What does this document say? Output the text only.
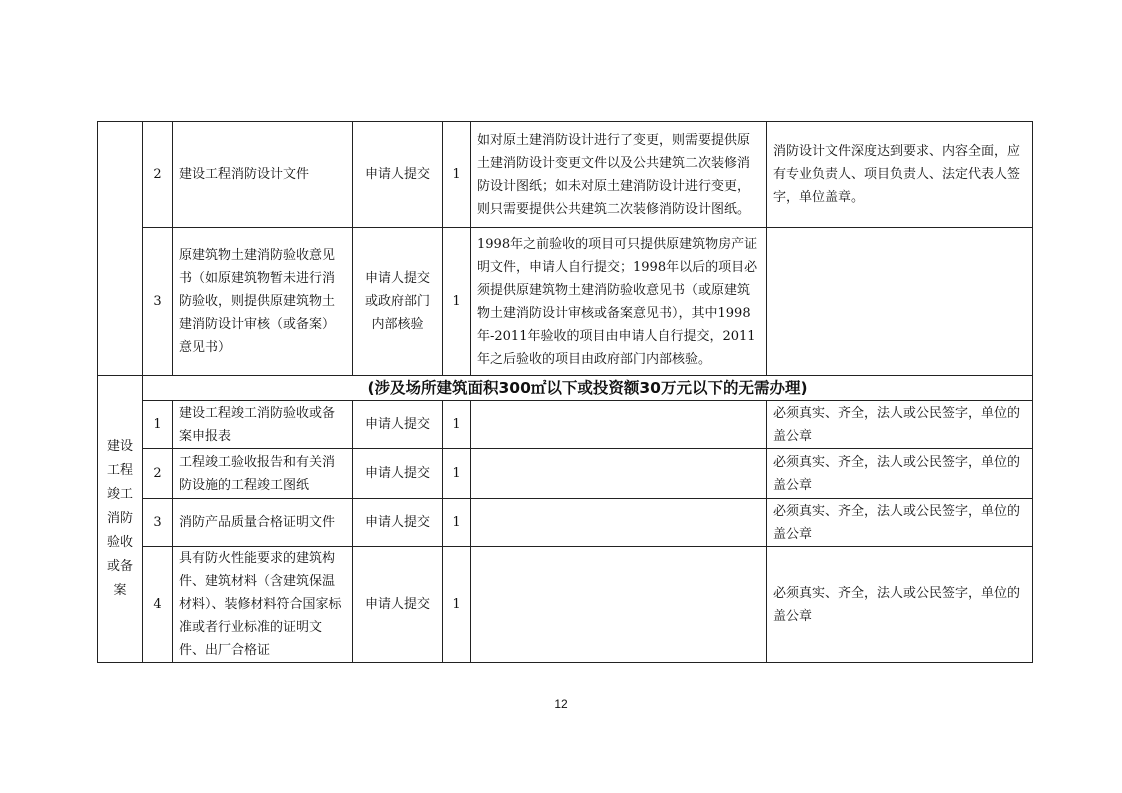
	2	建设工程消防设计文件	申请人提交	1	如对原土建消防设计进行了变更，则需要提供原土建消防设计变更文件以及公共建筑二次装修消防设计图纸；如未对原土建消防设计进行变更，则只需要提供公共建筑二次装修消防设计图纸。	消防设计文件深度达到要求、内容全面，应有专业负责人、项目负责人、法定代表人签字，单位盖章。
	3	原建筑物土建消防验收意见书（如原建筑物暂未进行消防验收，则提供原建筑物土建消防设计审核（或备案）意见书）	申请人提交或政府部门内部核验	1	1998年之前验收的项目可只提供原建筑物房产证明文件，申请人自行提交；1998年以后的项目必须提供原建筑物土建消防验收意见书（或原建筑物土建消防设计审核或备案意见书），其中1998年-2011年验收的项目由申请人自行提交，2011年之后验收的项目由政府部门内部核验。	
建设工程竣工消防验收或备案	(涉及场所建筑面积300㎡以下或投资额30万元以下的无需办理)					
	1	建设工程竣工消防验收或备案申报表	申请人提交	1		必须真实、齐全，法人或公民签字，单位的盖公章
	2	工程竣工验收报告和有关消防设施的工程竣工图纸	申请人提交	1		必须真实、齐全，法人或公民签字，单位的盖公章
	3	消防产品质量合格证明文件	申请人提交	1		必须真实、齐全，法人或公民签字，单位的盖公章
	4	具有防火性能要求的建筑构件、建筑材料（含建筑保温材料）、装修材料符合国家标准或者行业标准的证明文件、出厂合格证	申请人提交	1		必须真实、齐全，法人或公民签字，单位的盖公章
12
